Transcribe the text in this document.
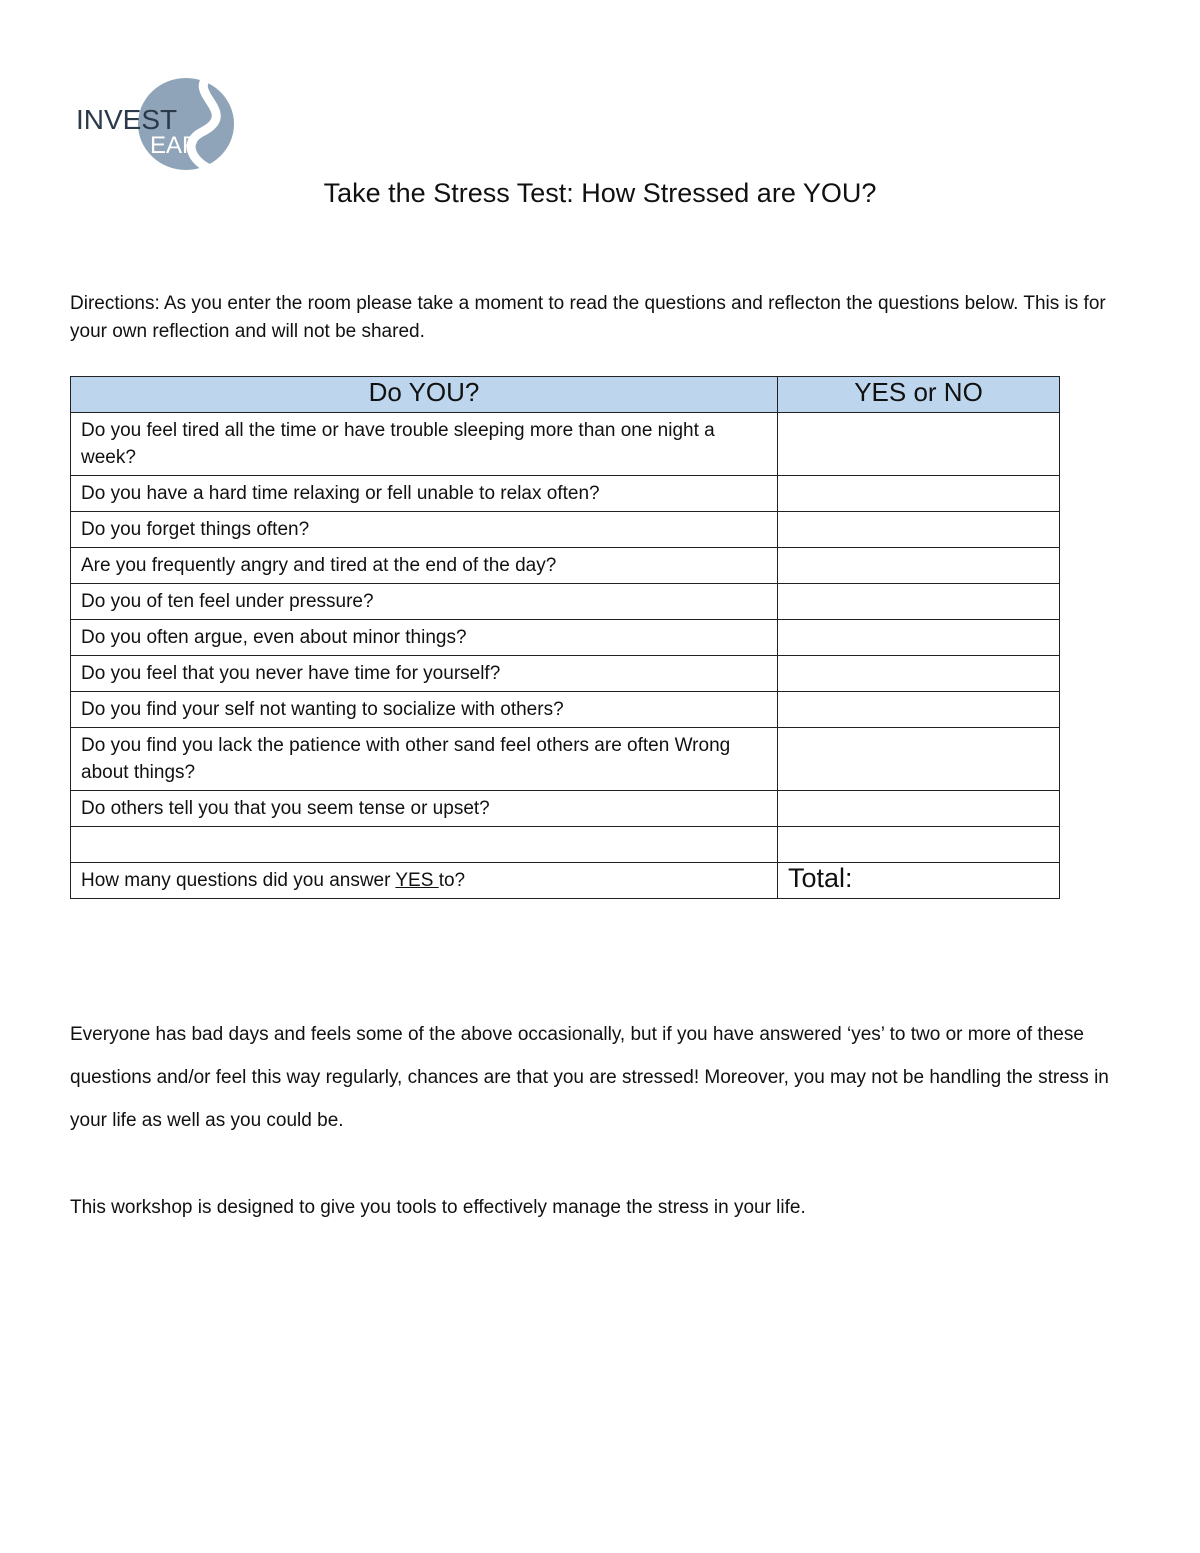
INVEST
EAP
Take the Stress Test: How Stressed are YOU?
Directions: As you enter the room please take a moment to read the questions and reflecton the questions below. This is for your own reflection and will not be shared.
Do YOU?	YES or NO
Do you feel tired all the time or have trouble sleeping more than one night a week?	
Do you have a hard time relaxing or fell unable to relax often?	
Do you forget things often?	
Are you frequently angry and tired at the end of the day?	
Do you of ten feel under pressure?	
Do you often argue, even about minor things?	
Do you feel that you never have time for yourself?	
Do you find your self not wanting to socialize with others?	
Do you find you lack the patience with other sand feel others are often Wrong about things?	
Do others tell you that you seem tense or upset?	

How many questions did you answer YES to?	Total:
Everyone has bad days and feels some of the above occasionally, but if you have answered ‘yes’ to two or more of these questions and/or feel this way regularly, chances are that you are stressed! Moreover, you may not be handling the stress in your life as well as you could be.
This workshop is designed to give you tools to effectively manage the stress in your life.
